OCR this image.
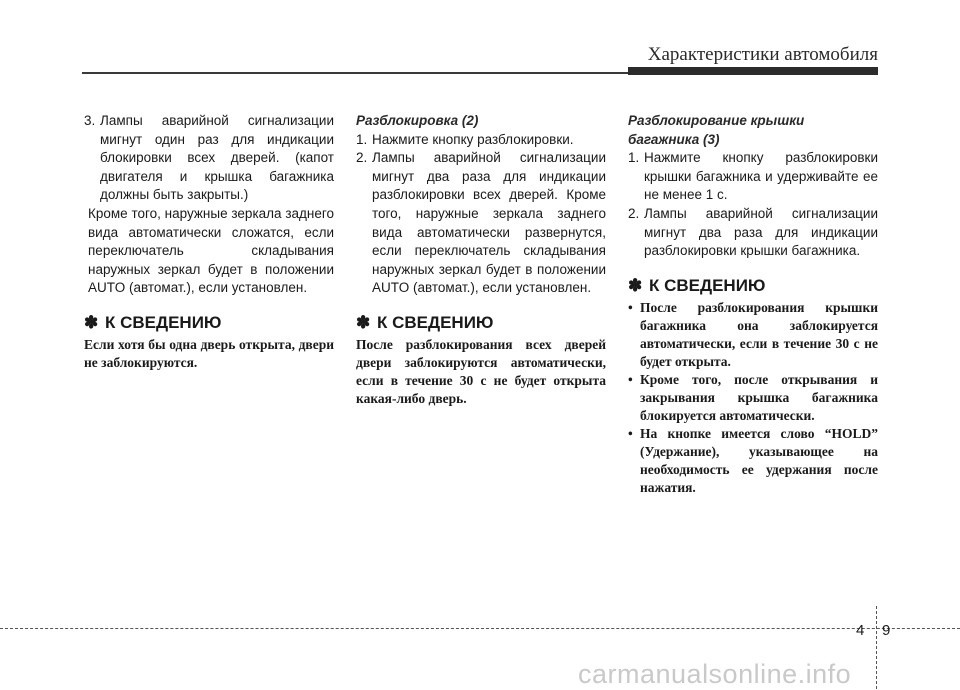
Характеристики автомобиля

3. Лампы аварийной сигнализации мигнут один раз для индикации блокировки всех дверей. (капот двигателя и крышка багажника должны быть закрыты.)

Кроме того, наружные зеркала заднего вида автоматически сложатся, если переключатель складывания наружных зеркал будет в положении AUTO (автомат.), если установлен.

✽ К СВЕДЕНИЮ

Если хотя бы одна дверь открыта, двери не заблокируются.

Разблокировка (2)

1. Нажмите кнопку разблокировки.

2. Лампы аварийной сигнализации мигнут два раза для индикации разблокировки всех дверей. Кроме того, наружные зеркала заднего вида автоматически развернутся, если переключатель складывания наружных зеркал будет в положении AUTO (автомат.), если установлен.

✽ К СВЕДЕНИЮ

После разблокирования всех дверей двери заблокируются автоматически, если в течение 30 с не будет открыта какая-либо дверь.

Разблокирование крышки багажника (3)

1. Нажмите кнопку разблокировки крышки багажника и удерживайте ее не менее 1 с.

2. Лампы аварийной сигнализации мигнут два раза для индикации разблокировки крышки багажника.

✽ К СВЕДЕНИЮ

• После разблокирования крышки багажника она заблокируется автоматически, если в течение 30 с не будет открыта.

• Кроме того, после открывания и закрывания крышка багажника блокируется автоматически.

• На кнопке имеется слово “HOLD” (Удержание), указывающее на необходимость ее удержания после нажатия.

4 9
carmanualsonline.info
